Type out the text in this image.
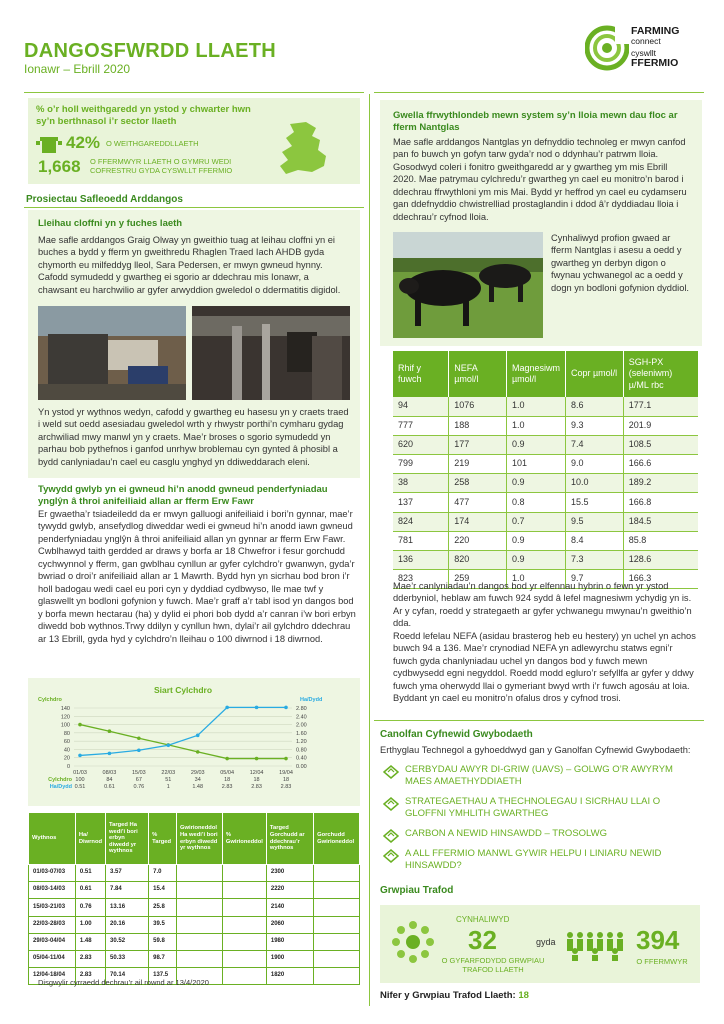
DANGOSFWRDD LLAETH
Ionawr – Ebrill 2020
FARMING
connect
cyswllt
FFERMIO
% o’r holl weithgaredd yn ystod y chwarter hwn sy’n berthnasol i’r sector llaeth
42% O WEITHGAREDDLLAETH
1,668 O FFERMWYR LLAETH O GYMRU WEDI COFRESTRU GYDA CYSWLLT FFERMIO
Prosiectau Safleoedd Arddangos
Lleihau cloffni yn y fuches laeth
Mae safle arddangos Graig Olway yn gweithio tuag at leihau cloffni yn ei buches a bydd y fferm yn gweithredu Rhaglen Traed Iach AHDB gyda chymorth eu milfeddyg lleol, Sara Pedersen, er mwyn gwneud hynny. Cafodd symudedd y gwartheg ei sgorio ar ddechrau mis Ionawr, a chawsant eu harchwilio ar gyfer arwyddion gweledol o ddermatitis digidol.
Yn ystod yr wythnos wedyn, cafodd y gwartheg eu hasesu yn y craets traed i weld sut oedd asesiadau gweledol wrth y rhwystr porthi’n cymharu gydag archwiliad mwy manwl yn y craets. Mae’r broses o sgorio symudedd yn parhau bob pythefnos i ganfod unrhyw broblemau cyn gynted â phosibl a bydd canlyniadau’n cael eu casglu ynghyd yn ddiweddarach eleni.
Tywydd gwlyb yn ei gwneud hi’n anodd gwneud penderfyniadau ynglŷn â throi anifeiliaid allan ar fferm Erw Fawr
Er gwaetha’r tsiadeiledd da er mwyn galluogi anifeiliaid i bori’n gynnar, mae’r tywydd gwlyb, ansefydlog diweddar wedi ei gwneud hi’n anodd iawn gwneud penderfyniadau ynglŷn â throi anifeiliaid allan yn gynnar ar fferm Erw Fawr. Cwblhawyd taith gerdded ar draws y borfa ar 18 Chwefror i fesur gorchudd cychwynnol y fferm, gan gwblhau cynllun ar gyfer cylchdro’r gwanwyn, gyda’r bwriad o droi’r anifeiliaid allan ar 1 Mawrth. Bydd hyn yn sicrhau bod bron i’r holl badogau wedi cael eu pori cyn y dyddiad cydbwyso, lle mae twf y glaswellt yn bodloni gofynion y fuwch. Mae’r graff a’r tabl isod yn dangos bod y borfa mewn hectarau (ha) y dylid ei phori bob dydd a’r canran i’w bori erbyn diwedd bob wythnos.Trwy ddilyn y cynllun hwn, dylai’r ail gylchdro ddechrau ar 13 Ebrill, gyda hyd y cylchdro’n lleihau o 100 diwrnod i 18 diwrnod.
Siart Cylchdro
Cylchdro	Ha/Dydd
0	0.00
20	0.40
40	0.80
60	1.20
80	1.60
100	2.00
120	2.40
140	2.80
01/03	08/03	15/03	22/03	29/03	05/04	12/04	19/04
Cylchdro 100	84	67	51	34	18	18	18
Ha/Dydd 0.51	0.61	0.76	1	1.48	2.83	2.83	2.83
Wythnos	Ha/ Diwrnod	Targed Ha wedi’i bori erbyn diwedd yr wythnos	% Targed	Gwirioneddol Ha wedi’i bori erbyn diwedd yr wythnos	% Gwirioneddol	Targed Gorchudd ar ddechrau’r wythnos	Gorchudd Gwirioneddol
01/03-07/03	0.51	3.57	7.0			2300	
08/03-14/03	0.61	7.84	15.4			2220	
15/03-21/03	0.76	13.16	25.8			2140	
22/03-28/03	1.00	20.16	39.5			2060	
29/03-04/04	1.48	30.52	59.8			1980	
05/04-11/04	2.83	50.33	98.7			1900	
12/04-18/04	2.83	70.14	137.5			1820	
Disgwylir cyrraedd dechrau’r ail rownd ar 13/4/2020
Gwella ffrwythlondeb mewn system sy’n lloia mewn dau floc ar fferm Nantglas
Mae safle arddangos Nantglas yn defnyddio technoleg er mwyn canfod pan fo buwch yn gofyn tarw gyda’r nod o ddynhau’r patrwm lloia. Gosodwyd coleri i fonitro gweithgaredd ar y gwartheg ym mis Ebrill 2020. Mae patrymau cylchredu’r gwartheg yn cael eu monitro’n barod i ddechrau ffrwythloni ym mis Mai. Bydd yr heffrod yn cael eu cydamseru gan ddefnyddio chwistrelliad prostaglandin i ddod â’r dyddiadau lloia i ddechrau’r cyfnod lloia.
Cynhaliwyd profion gwaed ar fferm Nantglas i asesu a oedd y gwartheg yn derbyn digon o fwynau ychwanegol ac a oedd y dogn yn bodloni gofynion dyddiol.
Rhif y fuwch	NEFA µmol/l	Magnesiwm µmol/l	Copr µmol/l	SGH-PX (seleniwm) µ/ML rbc
94	1076	1.0	8.6	177.1
777	188	1.0	9.3	201.9
620	177	0.9	7.4	108.5
799	219	101	9.0	166.6
38	258	0.9	10.0	189.2
137	477	0.8	15.5	166.8
824	174	0.7	9.5	184.5
781	220	0.9	8.4	85.8
136	820	0.9	7.3	128.6
823	259	1.0	9.7	166.3
Mae’r canlyniadau’n dangos bod yr elfennau hybrin o fewn yr ystod dderbyniol, heblaw am fuwch 924 sydd â lefel magnesiwm ychydig yn is. Ar y cyfan, roedd y strategaeth ar gyfer ychwanegu mwynau’n gweithio’n dda.
Roedd lefelau NEFA (asidau brasterog heb eu hesterу) yn uchel yn achos buwch 94 a 136. Mae’r crynodiad NEFA yn adlewyrchu statws egni’r fuwch gyda chanlyniadau uchel yn dangos bod y fuwch mewn cydbwysedd egni negyddol. Roedd modd egluro’r sefyllfa ar gyfer y ddwy fuwch yma oherwydd llai o gymeriant bwyd wrth i’r fuwch agosáu at loia. Byddant yn cael eu monitro’n ofalus dros y cyfnod trosi.
Canolfan Cyfnewid Gwybodaeth
Erthyglau Technegol a gyhoeddwyd gan y Ganolfan Cyfnewid Gwybodaeth:
CERBYDAU AWYR DI-GRIW (UAVS) – GOLWG O’R AWYRYM MAES AMAETHYDDIAETH
STRATEGAETHAU A THECHNOLEGAU I SICRHAU LLAI O GLOFFNI YMHLITH GWARTHEG
CARBON A NEWID HINSAWDD – TROSOLWG
A ALL FFERMIO MANWL GYWIR HELPU I LINIARU NEWID HINSAWDD?
Grwpiau Trafod
CYNHALIWYD
32
O GYFARFODYDD GRWPIAU TRAFOD LLAETH
gyda	394
O FFERMWYR
Nifer y Grwpiau Trafod Llaeth: 18
